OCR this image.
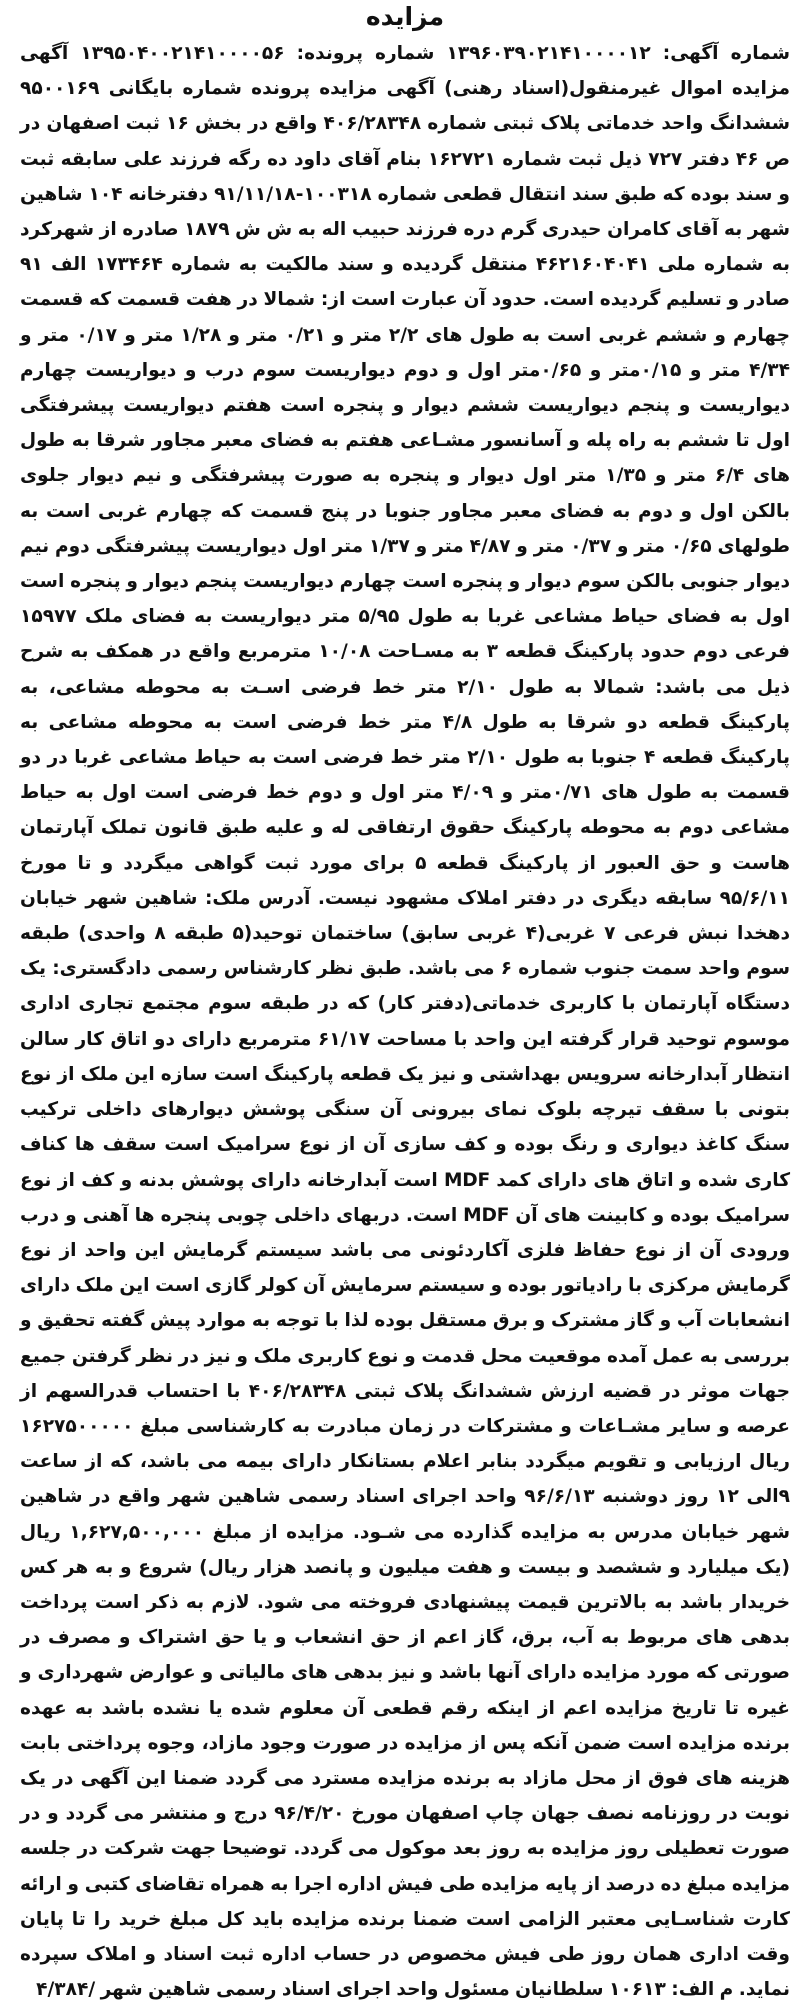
مزایده

شماره آگهی: ۱۳۹۶۰۳۹۰۲۱۴۱۰۰۰۰۱۲ شماره پرونده: ۱۳۹۵۰۴۰۰۲۱۴۱۰۰۰۰۵۶ آگهی مزایده اموال غیرمنقول(اسناد رهنی) آگهی مزایده پرونده شماره بایگانی ۹۵۰۰۱۶۹ ششدانگ واحد خدماتی پلاک ثبتی شماره ۴۰۶/۲۸۳۴۸ واقع در بخش ۱۶ ثبت اصفهان در ص ۴۶ دفتر ۷۲۷ ذیل ثبت شماره ۱۶۲۷۲۱ بنام آقای داود ده رگه فرزند علی سابقه ثبت و سند بوده که طبق سند انتقال قطعی شماره ۱۰۰۳۱۸-۹۱/۱۱/۱۸ دفترخانه ۱۰۴ شاهین شهر به آقای کامران حیدری گرم دره فرزند حبیب اله به ش ش ۱۸۷۹ صادره از شهرکرد به شماره ملی ۴۶۲۱۶۰۴۰۴۱ منتقل گردیده و سند مالکیت به شماره ۱۷۳۴۶۴ الف ۹۱ صادر و تسلیم گردیده است. حدود آن عبارت است از: شمالا در هفت قسمت که قسمت چهارم و ششم غربی است به طول های ۲/۲ متر و ۰/۲۱ متر و ۱/۲۸ متر و ۰/۱۷ متر و ۴/۳۴ متر و ۰/۱۵متر و ۰/۶۵متر اول و دوم دیواریست سوم درب و دیواریست چهارم دیواریست و پنجم دیواریست ششم دیوار و پنجره است هفتم دیواریست پیشرفتگی اول تا ششم به راه پله و آسانسور مشـاعی هفتم به فضای معبر مجاور شرقا به طول های ۶/۴ متر و ۱/۳۵ متر اول دیوار و پنجره به صورت پیشرفتگی و نیم دیوار جلوی بالکن اول و دوم به فضای معبر مجاور جنوبا در پنج قسمت که چهارم غربی است به طولهای ۰/۶۵ متر و ۰/۳۷ متر و ۴/۸۷ متر و ۱/۳۷ متر اول دیواریست پیشرفتگی دوم نیم دیوار جنوبی بالکن سوم دیوار و پنجره است چهارم دیواریست پنجم دیوار و پنجره است اول به فضای حیاط مشاعی غربا به طول ۵/۹۵ متر دیواریست به فضای ملک ۱۵۹۷۷ فرعی دوم حدود پارکینگ قطعه ۳ به مسـاحت ۱۰/۰۸ مترمربع واقع در همکف به شرح ذیل می باشد: شمالا به طول ۲/۱۰ متر خط فرضی اسـت به محوطه مشاعی، به پارکینگ قطعه دو شرقا به طول ۴/۸ متر خط فرضی است به محوطه مشاعی به پارکینگ قطعه ۴ جنوبا به طول ۲/۱۰ متر خط فرضی است به حیاط مشاعی غربا در دو قسمت به طول های ۰/۷۱متر و ۴/۰۹ متر اول و دوم خط فرضی است اول به حیاط مشاعی دوم به محوطه پارکینگ حقوق ارتفاقی له و علیه طبق قانون تملک آپارتمان هاست و حق العبور از پارکینگ قطعه ۵ برای مورد ثبت گواهی میگردد و تا مورخ ۹۵/۶/۱۱ سابقه دیگری در دفتر املاک مشهود نیست. آدرس ملک: شاهین شهر خیابان دهخدا نبش فرعی ۷ غربی(۴ غربی سابق) ساختمان توحید(۵ طبقه ۸ واحدی) طبقه سوم واحد سمت جنوب شماره ۶ می باشد. طبق نظر کارشناس رسمی دادگستری: یک دستگاه آپارتمان با کاربری خدماتی(دفتر کار) که در طبقه سوم مجتمع تجاری اداری موسوم توحید قرار گرفته این واحد با مساحت ۶۱/۱۷ مترمربع دارای دو اتاق کار سالن انتظار آبدارخانه سرویس بهداشتی و نیز یک قطعه پارکینگ است سازه این ملک از نوع بتونی با سقف تیرچه بلوک نمای بیرونی آن سنگی پوشش دیوارهای داخلی ترکیب سنگ کاغذ دیواری و رنگ بوده و کف سازی آن از نوع سرامیک است سقف ها کناف کاری شده و اتاق های دارای کمد MDF است آبدارخانه دارای پوشش بدنه و کف از نوع سرامیک بوده و کابینت های آن MDF است. دربهای داخلی چوبی پنجره ها آهنی و درب ورودی آن از نوع حفاظ فلزی آکاردئونی می باشد سیستم گرمایش این واحد از نوع گرمایش مرکزی با رادیاتور بوده و سیستم سرمایش آن کولر گازی است این ملک دارای انشعابات آب و گاز مشترک و برق مستقل بوده لذا با توجه به موارد پیش گفته تحقیق و بررسی به عمل آمده موقعیت محل قدمت و نوع کاربری ملک و نیز در نظر گرفتن جمیع جهات موثر در قضیه ارزش ششدانگ پلاک ثبتی ۴۰۶/۲۸۳۴۸ با احتساب قدرالسهم از عرصه و سایر مشـاعات و مشترکات در زمان مبادرت به کارشناسی مبلغ ۱۶۲۷۵۰۰۰۰۰ ریال ارزیابی و تقویم میگردد بنابر اعلام بستانکار دارای بیمه می باشد، که از ساعت ۹الی ۱۲ روز دوشنبه ۹۶/۶/۱۳ واحد اجرای اسناد رسمی شاهین شهر واقع در شاهین شهر خیابان مدرس به مزایده گذارده می شـود. مزایده از مبلغ ۱,۶۲۷,۵۰۰,۰۰۰ ریال (یک میلیارد و ششصد و بیست و هفت میلیون و پانصد هزار ریال) شروع و به هر کس خریدار باشد به بالاترین قیمت پیشنهادی فروخته می شود. لازم به ذکر است پرداخت بدهی های مربوط به آب، برق، گاز اعم از حق انشعاب و یا حق اشتراک و مصرف در صورتی که مورد مزایده دارای آنها باشد و نیز بدهی های مالیاتی و عوارض شهرداری و غیره تا تاریخ مزایده اعم از اینکه رقم قطعی آن معلوم شده یا نشده باشد به عهده برنده مزایده است ضمن آنکه پس از مزایده در صورت وجود مازاد، وجوه پرداختی بابت هزینه های فوق از محل مازاد به برنده مزایده مسترد می گردد ضمنا این آگهی در یک نوبت در روزنامه نصف جهان چاپ اصفهان مورخ ۹۶/۴/۲۰ درج و منتشر می گردد و در صورت تعطیلی روز مزایده به روز بعد موکول می گردد. توضیحا جهت شرکت در جلسه مزایده مبلغ ده درصد از پایه مزایده طی فیش اداره اجرا به همراه تقاضای کتبی و ارائه کارت شناسـایی معتبر الزامی است ضمنا برنده مزایده باید کل مبلغ خرید را تا پایان وقت اداری همان روز طی فیش مخصوص در حساب اداره ثبت اسناد و املاک سپرده نماید. م الف: ۱۰۶۱۳ سلطانیان مسئول واحد اجرای اسناد رسمی شاهین شهر /۴/۳۸۴
